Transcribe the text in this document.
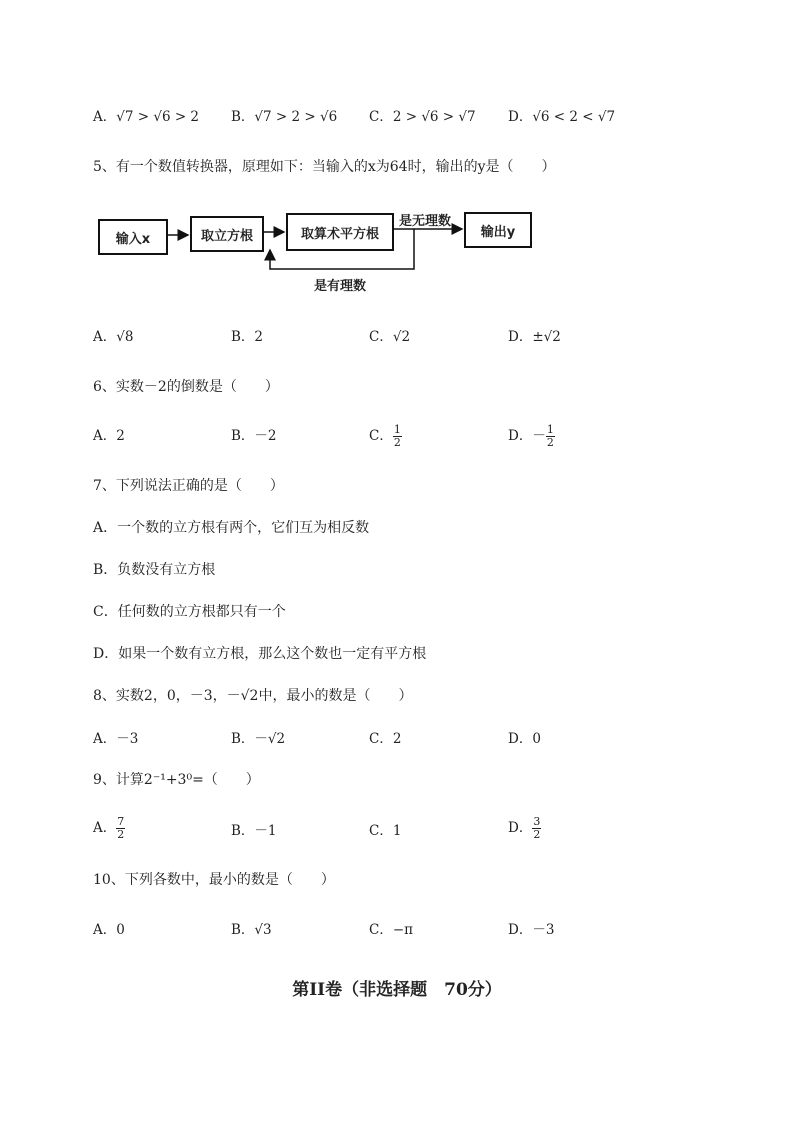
A．√7 > √6 > 2 B．√7 > 2 > √6 C．2 > √6 > √7 D．√6 < 2 < √7
5、有一个数值转换器，原理如下：当输入的x为64时，输出的y是（　　）
输入x	取立方根	取算术平方根	输出y
是无理数
是有理数
A．√8	B．2	C．√2	D．±√2
6、实数－2的倒数是（　　）
A．2	B．－2	C． $\frac{1}{2}$	D．－ $\frac{1}{2}$
7、下列说法正确的是（　　）
A．一个数的立方根有两个，它们互为相反数
B．负数没有立方根
C．任何数的立方根都只有一个
D．如果一个数有立方根，那么这个数也一定有平方根
8、实数2，0，－3，－√2中，最小的数是（　　）
A．－3	B．－√2	C．2	D．0
9、计算2⁻¹+3⁰=（　　）
A． $\frac{7}{2}$	B．－1	C．1	D． $\frac{3}{2}$
10、下列各数中，最小的数是（　　）
A．0	B．√3	C．−π	D．－3
第II卷（非选择题　70分）
